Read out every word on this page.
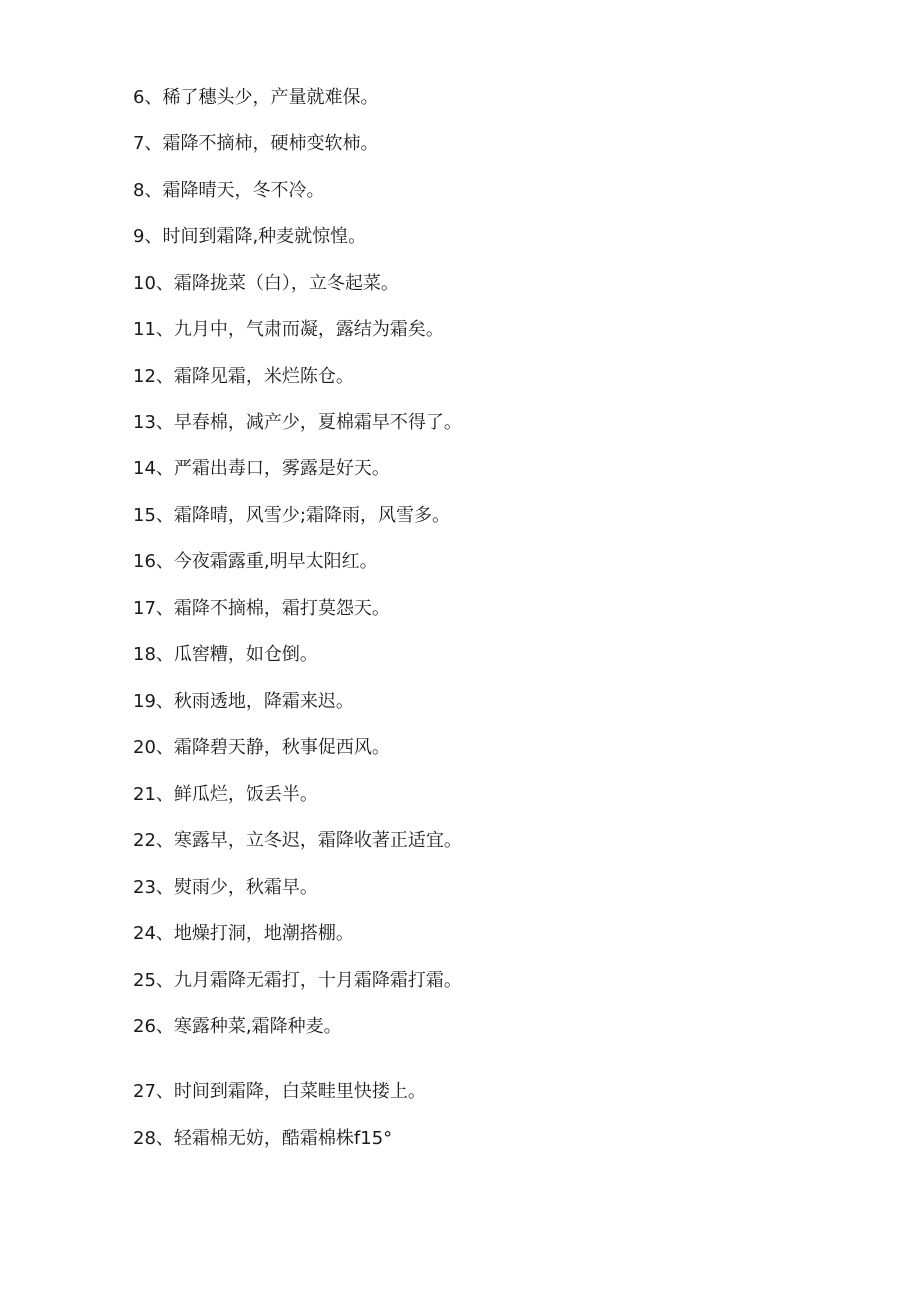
6、稀了穗头少，产量就难保。
7、霜降不摘柿，硬柿变软柿。
8、霜降晴天，冬不冷。
9、时间到霜降,种麦就惊惶。
10、霜降拢菜（白），立冬起菜。
11、九月中，气肃而凝，露结为霜矣。
12、霜降见霜，米烂陈仓。
13、早春棉，减产少，夏棉霜早不得了。
14、严霜出毒口，雾露是好天。
15、霜降晴，风雪少;霜降雨，风雪多。
16、今夜霜露重,明早太阳红。
17、霜降不摘棉，霜打莫怨天。
18、瓜窖糟，如仓倒。
19、秋雨透地，降霜来迟。
20、霜降碧天静，秋事促西风。
21、鲜瓜烂，饭丢半。
22、寒露早，立冬迟，霜降收著正适宜。
23、熨雨少，秋霜早。
24、地燥打洞，地潮搭棚。
25、九月霜降无霜打，十月霜降霜打霜。
26、寒露种菜,霜降种麦。
27、时间到霜降，白菜畦里快搂上。
28、轻霜棉无妨，酷霜棉株f15°
